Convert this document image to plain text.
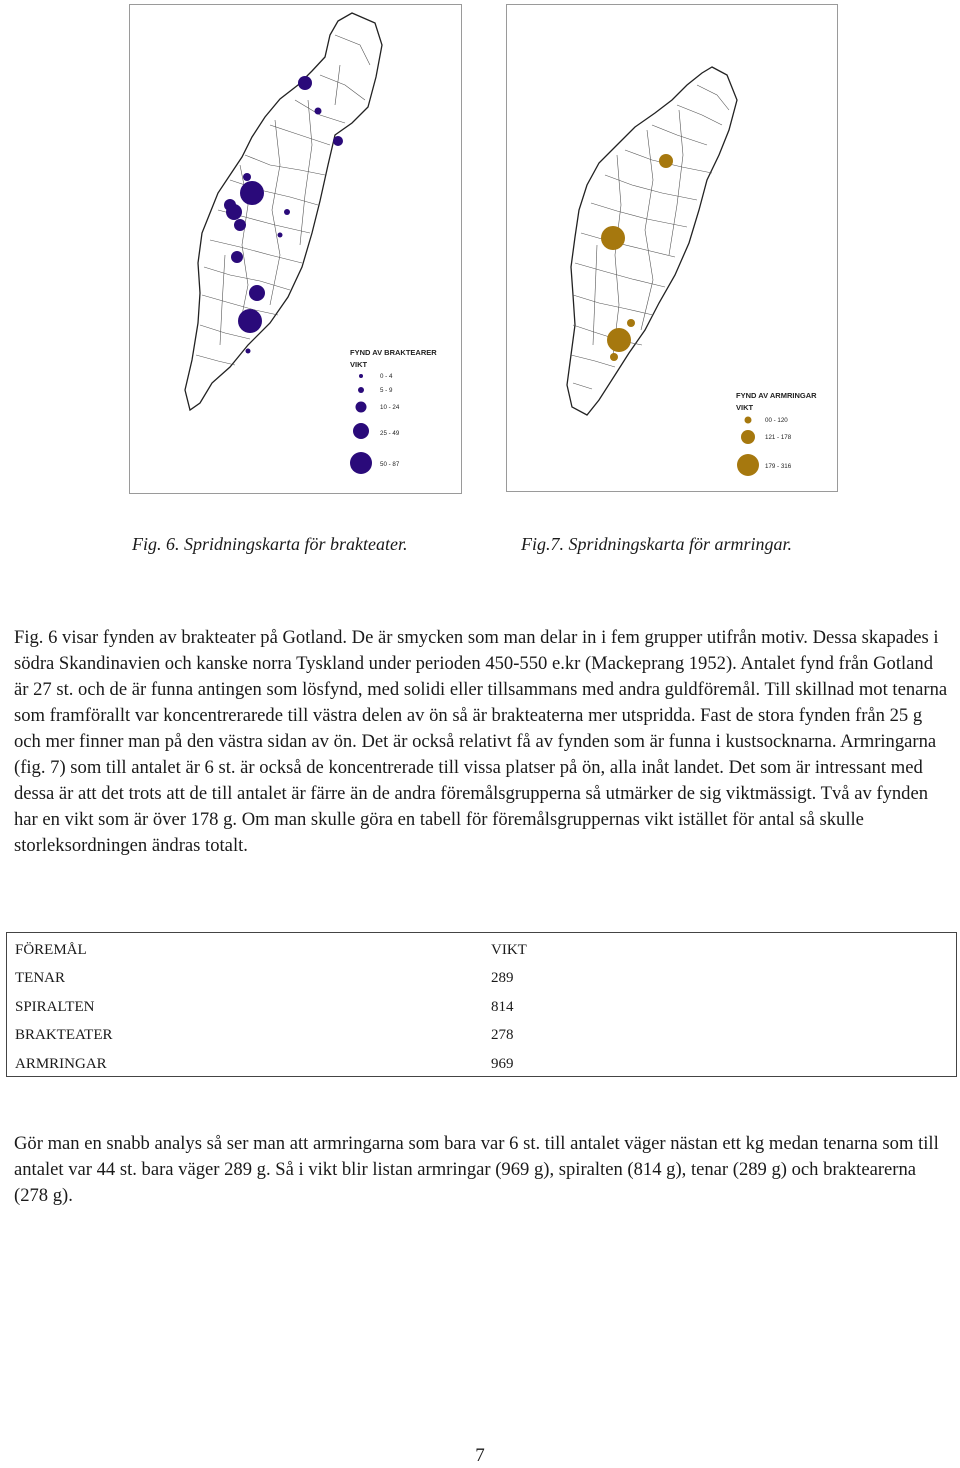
FYND AV BRAKTEARER
VIKT
0 - 4
5 - 9
10 - 24
25 - 49
50 - 87
FYND AV ARMRINGAR
VIKT
00 - 120
121 - 178
179 - 316
Fig. 6. Spridningskarta för brakteater.	Fig.7. Spridningskarta för armringar.

Fig. 6 visar fynden av brakteater på Gotland. De är smycken som man delar in i fem grupper utifrån motiv. Dessa skapades i södra Skandinavien och kanske norra Tyskland under perioden 450-550 e.kr (Mackeprang 1952). Antalet fynd från Gotland är 27 st. och de är funna antingen som lösfynd, med solidi eller tillsammans med andra guldföremål. Till skillnad mot tenarna som framförallt var koncentrerarede till västra delen av ön så är brakteaterna mer utspridda. Fast de stora fynden från 25 g och mer finner man på den västra sidan av ön. Det är också relativt få av fynden som är funna i kustsocknarna. Armringarna (fig. 7) som till antalet är 6 st. är också de koncentrerade till vissa platser på ön, alla inåt landet. Det som är intressant med dessa är att det trots att de till antalet är färre än de andra föremålsgrupperna så utmärker de sig viktmässigt. Två av fynden har en vikt som är över 178 g. Om man skulle göra en tabell för föremålsgruppernas vikt istället för antal så skulle storleksordningen ändras totalt.

FÖREMÅL	VIKT
TENAR	289
SPIRALTEN	814
BRAKTEATER	278
ARMRINGAR	969

Gör man en snabb analys så ser man att armringarna som bara var 6 st. till antalet väger nästan ett kg medan tenarna som till antalet var 44 st. bara väger 289 g. Så i vikt blir listan armringar (969 g), spiralten (814 g), tenar (289 g) och braktearerna (278 g).

7
